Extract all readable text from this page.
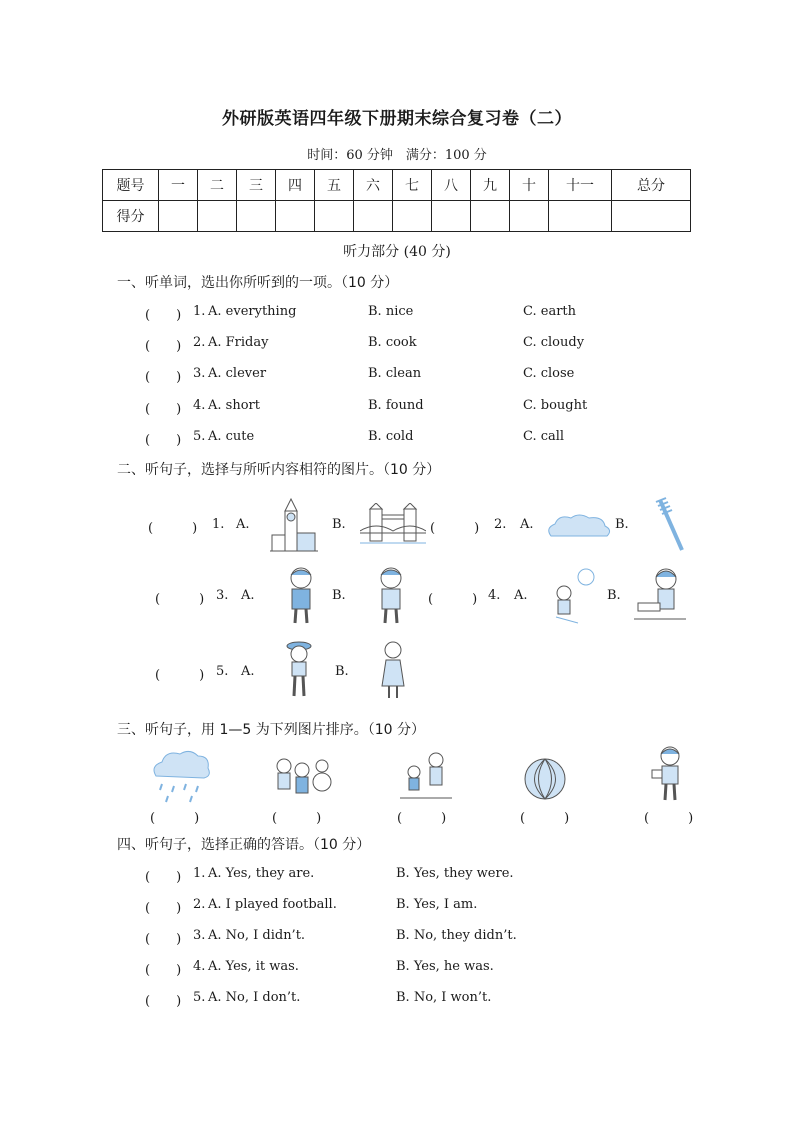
外研版英语四年级下册期末综合复习卷（二）
时间：60 分钟　满分：100 分
题号	一	二	三	四	五	六	七	八	九	十	十一	总分
得分												
听力部分 (40 分)
一、听单词，选出你所听到的一项。（10 分）
(　　) 1. A. everything	B. nice	C. earth
(　　) 2. A. Friday	B. cook	C. cloudy
(　　) 3. A. clever	B. clean	C. close
(　　) 4. A. short	B. found	C. bought
(　　) 5. A. cute	B. cold	C. call
二、听句子，选择与所听内容相符的图片。（10 分）
(　　　) 1. A.	B.	(　　　) 2. A.	B.
(　　　) 3. A.	B.	(　　　) 4. A.	B.
(　　　) 5. A.	B.
三、听句子，用 1—5 为下列图片排序。（10 分）
(　　　)	(　　　)	(　　　)	(　　　)	(　　　)
四、听句子，选择正确的答语。（10 分）
(　　) 1. A. Yes, they are.	B. Yes, they were.
(　　) 2. A. I played football.	B. Yes, I am.
(　　) 3. A. No, I didn’t.	B. No, they didn’t.
(　　) 4. A. Yes, it was.	B. Yes, he was.
(　　) 5. A. No, I don’t.	B. No, I won’t.
